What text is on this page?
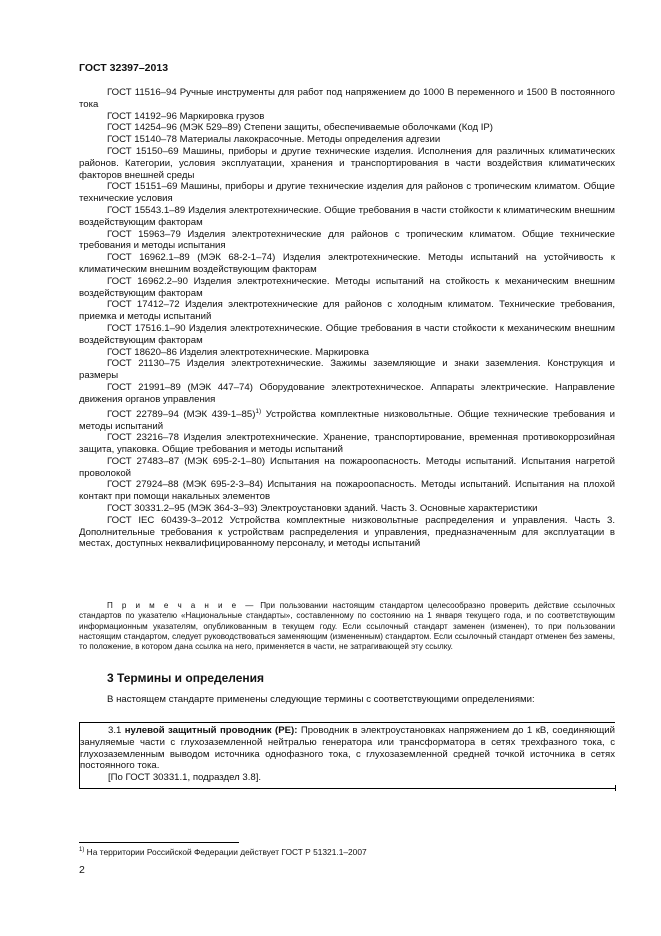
ГОСТ 32397–2013

ГОСТ 11516–94 Ручные инструменты для работ под напряжением до 1000 В переменного и 1500 В постоянного тока

ГОСТ 14192–96 Маркировка грузов

ГОСТ 14254–96 (МЭК 529–89) Степени защиты, обеспечиваемые оболочками (Код IP)

ГОСТ 15140–78 Материалы лакокрасочные. Методы определения адгезии

ГОСТ 15150–69 Машины, приборы и другие технические изделия. Исполнения для различных климатических районов. Категории, условия эксплуатации, хранения и транспортирования в части воздействия климатических факторов внешней среды

ГОСТ 15151–69 Машины, приборы и другие технические изделия для районов с тропическим климатом. Общие технические условия

ГОСТ 15543.1–89 Изделия электротехнические. Общие требования в части стойкости к климатическим внешним воздействующим факторам

ГОСТ 15963–79 Изделия электротехнические для районов с тропическим климатом. Общие технические требования и методы испытания

ГОСТ 16962.1–89 (МЭК 68-2-1–74) Изделия электротехнические. Методы испытаний на устойчивость к климатическим внешним воздействующим факторам

ГОСТ 16962.2–90 Изделия электротехнические. Методы испытаний на стойкость к механическим внешним воздействующим факторам

ГОСТ 17412–72 Изделия электротехнические для районов с холодным климатом. Технические требования, приемка и методы испытаний

ГОСТ 17516.1–90 Изделия электротехнические. Общие требования в части стойкости к механическим внешним воздействующим факторам

ГОСТ 18620–86 Изделия электротехнические. Маркировка

ГОСТ 21130–75 Изделия электротехнические. Зажимы заземляющие и знаки заземления. Конструкция и размеры

ГОСТ 21991–89 (МЭК 447–74) Оборудование электротехническое. Аппараты электрические. Направление движения органов управления

ГОСТ 22789–94 (МЭК 439-1–85)$^{1)}$ Устройства комплектные низковольтные. Общие технические требования и методы испытаний

ГОСТ 23216–78 Изделия электротехнические. Хранение, транспортирование, временная противокоррозийная защита, упаковка. Общие требования и методы испытаний

ГОСТ 27483–87 (МЭК 695-2-1–80) Испытания на пожароопасность. Методы испытаний. Испытания нагретой проволокой

ГОСТ 27924–88 (МЭК 695-2-3–84) Испытания на пожароопасность. Методы испытаний. Испытания на плохой контакт при помощи накальных элементов

ГОСТ 30331.2–95 (МЭК 364-3–93) Электроустановки зданий. Часть 3. Основные характеристики

ГОСТ IEC 60439-3–2012 Устройства комплектные низковольтные распределения и управления. Часть 3. Дополнительные требования к устройствам распределения и управления, предназначенным для эксплуатации в местах, доступных неквалифицированному персоналу, и методы испытаний

П р и м е ч а н и е — При пользовании настоящим стандартом целесообразно проверить действие ссылочных стандартов по указателю «Национальные стандарты», составленному по состоянию на 1 января текущего года, и по соответствующим информационным указателям, опубликованным в текущем году. Если ссылочный стандарт заменен (изменен), то при пользовании настоящим стандартом, следует руководствоваться заменяющим (измененным) стандартом. Если ссылочный стандарт отменен без замены, то положение, в котором дана ссылка на него, применяется в части, не затрагивающей эту ссылку.
3 Термины и определения
В настоящем стандарте применены следующие термины с соответствующими определениями:

3.1 нулевой защитный проводник (РЕ): Проводник в электроустановках напряжением до 1 кВ, соединяющий зануляемые части с глухозаземленной нейтралью генератора или трансформатора в сетях трехфазного тока, с глухозаземленным выводом источника однофазного тока, с глухозаземленной средней точкой источника в сетях постоянного тока.

[По ГОСТ 30331.1, подраздел 3.8].

$^{1)}$ На территории Российской Федерации действует ГОСТ Р 51321.1–2007
2
